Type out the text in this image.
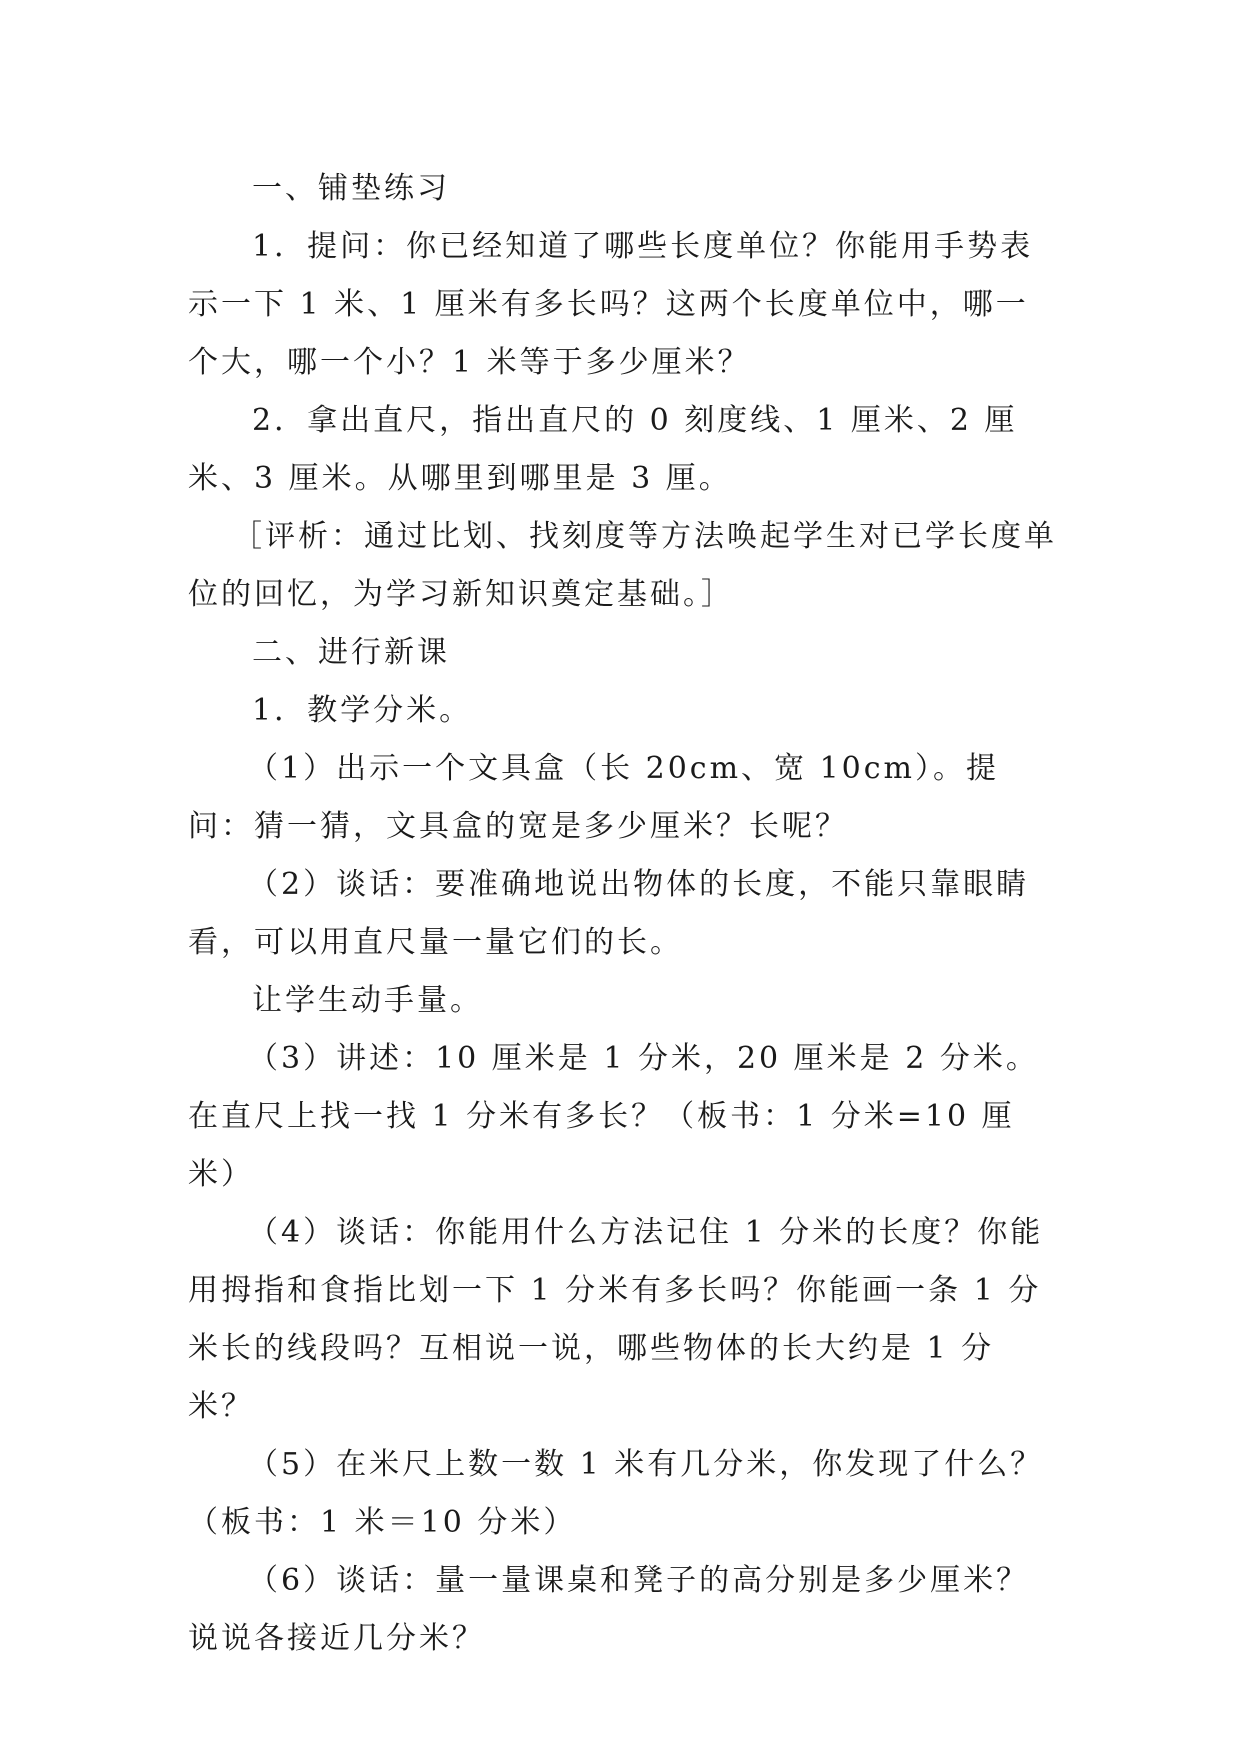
一、铺垫练习

1．提问：你已经知道了哪些长度单位？你能用手势表示一下 1 米、1 厘米有多长吗？这两个长度单位中，哪一个大，哪一个小？1 米等于多少厘米？

2．拿出直尺，指出直尺的 0 刻度线、1 厘米、2 厘米、3 厘米。从哪里到哪里是 3 厘。

［评析：通过比划、找刻度等方法唤起学生对已学长度单位的回忆，为学习新知识奠定基础。］

二、进行新课

1．教学分米。

（1）出示一个文具盒（长 20cm、宽 10cm）。提问：猜一猜，文具盒的宽是多少厘米？长呢？

（2）谈话：要准确地说出物体的长度，不能只靠眼睛看，可以用直尺量一量它们的长。

让学生动手量。

（3）讲述：10 厘米是 1 分米，20 厘米是 2 分米。在直尺上找一找 1 分米有多长？（板书：1 分米=10 厘米）

（4）谈话：你能用什么方法记住 1 分米的长度？你能用拇指和食指比划一下 1 分米有多长吗？你能画一条 1 分米长的线段吗？互相说一说，哪些物体的长大约是 1 分米？

（5）在米尺上数一数 1 米有几分米，你发现了什么？（板书：1 米＝10 分米）

（6）谈话：量一量课桌和凳子的高分别是多少厘米？说说各接近几分米？
